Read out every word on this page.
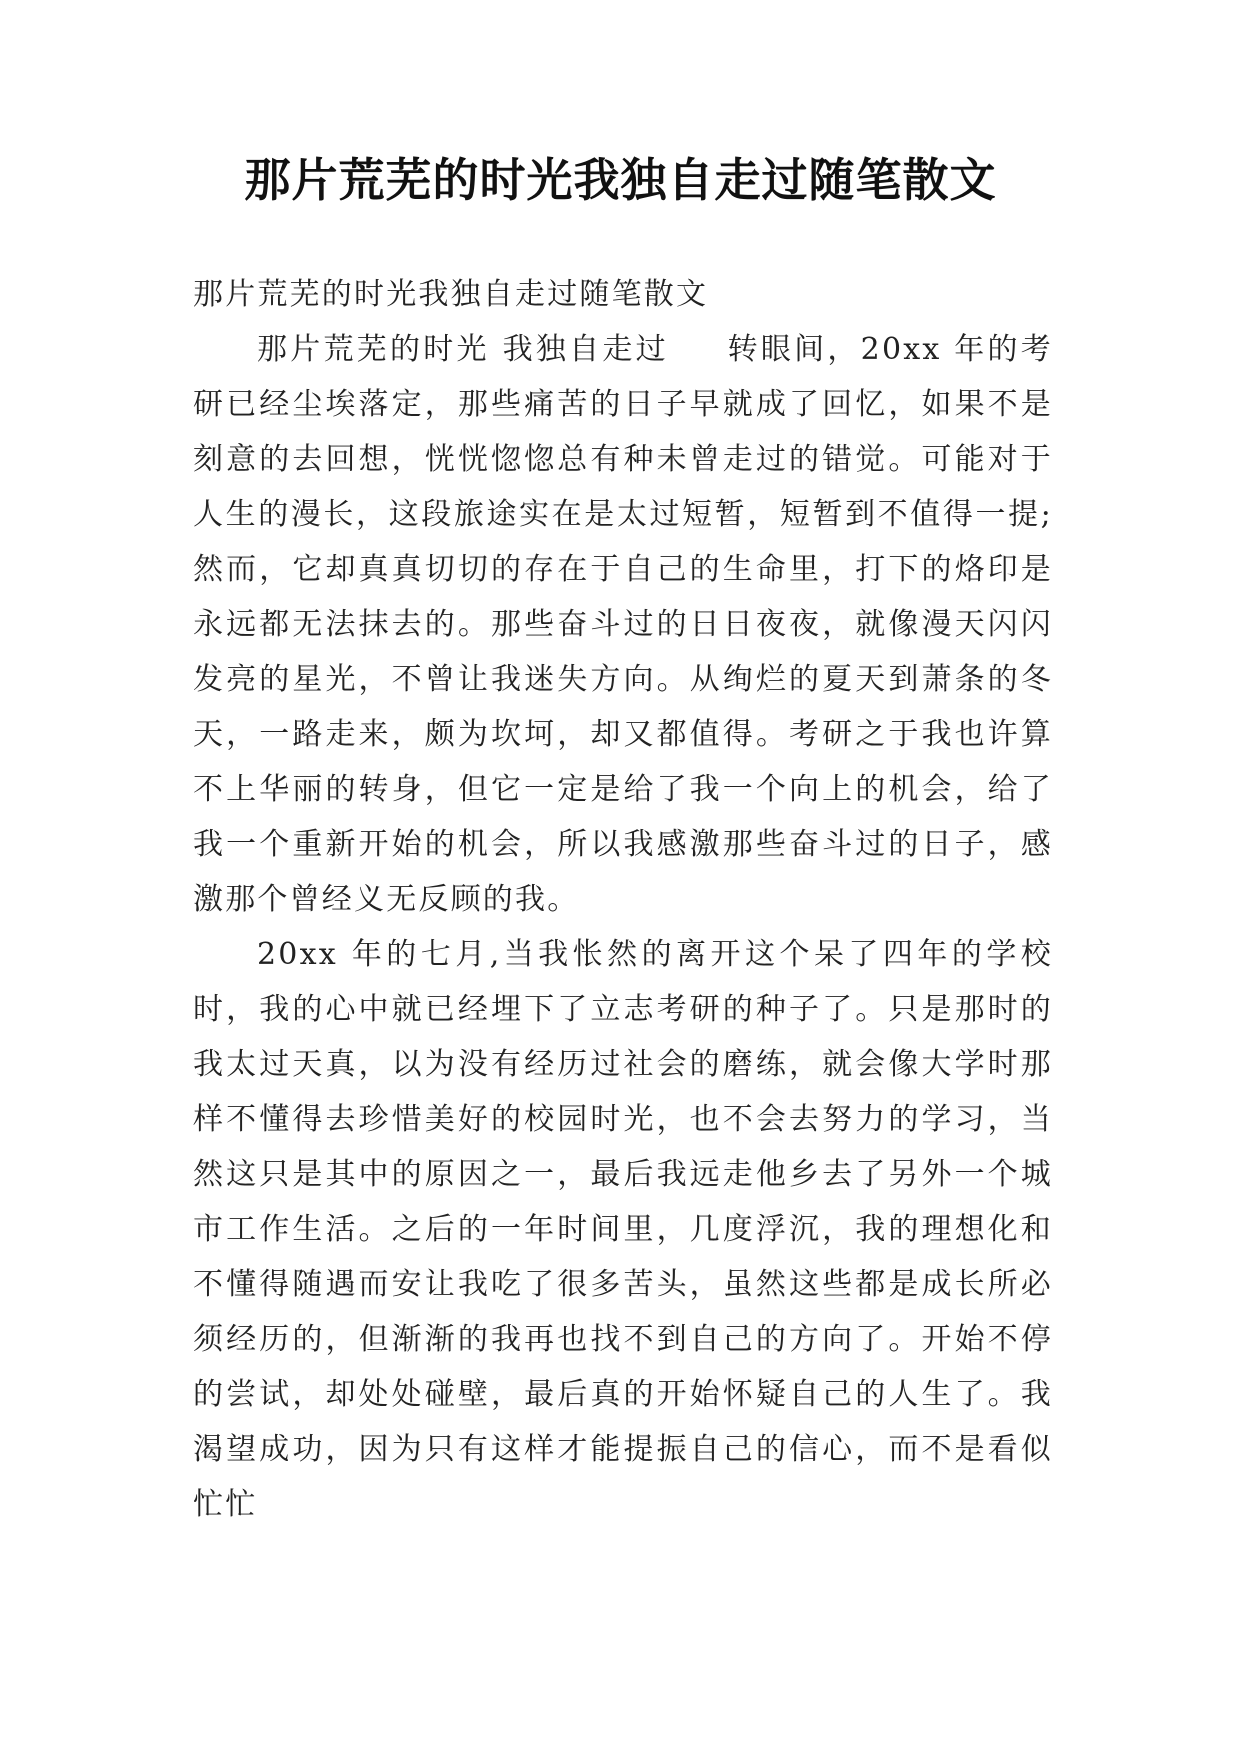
那片荒芜的时光我独自走过随笔散文

那片荒芜的时光我独自走过随笔散文

那片荒芜的时光 我独自走过 　 转眼间，20xx 年的考研已经尘埃落定，那些痛苦的日子早就成了回忆，如果不是刻意的去回想，恍恍惚惚总有种未曾走过的错觉。可能对于人生的漫长，这段旅途实在是太过短暂，短暂到不值得一提;然而，它却真真切切的存在于自己的生命里，打下的烙印是永远都无法抹去的。那些奋斗过的日日夜夜，就像漫天闪闪发亮的星光，不曾让我迷失方向。从绚烂的夏天到萧条的冬天，一路走来，颇为坎坷，却又都值得。考研之于我也许算不上华丽的转身，但它一定是给了我一个向上的机会，给了我一个重新开始的机会，所以我感激那些奋斗过的日子，感激那个曾经义无反顾的我。

20xx 年的七月,当我怅然的离开这个呆了四年的学校时，我的心中就已经埋下了立志考研的种子了。只是那时的我太过天真，以为没有经历过社会的磨练，就会像大学时那样不懂得去珍惜美好的校园时光，也不会去努力的学习，当然这只是其中的原因之一，最后我远走他乡去了另外一个城市工作生活。之后的一年时间里，几度浮沉，我的理想化和不懂得随遇而安让我吃了很多苦头，虽然这些都是成长所必须经历的，但渐渐的我再也找不到自己的方向了。开始不停的尝试，却处处碰壁，最后真的开始怀疑自己的人生了。我渴望成功，因为只有这样才能提振自己的信心，而不是看似忙忙
